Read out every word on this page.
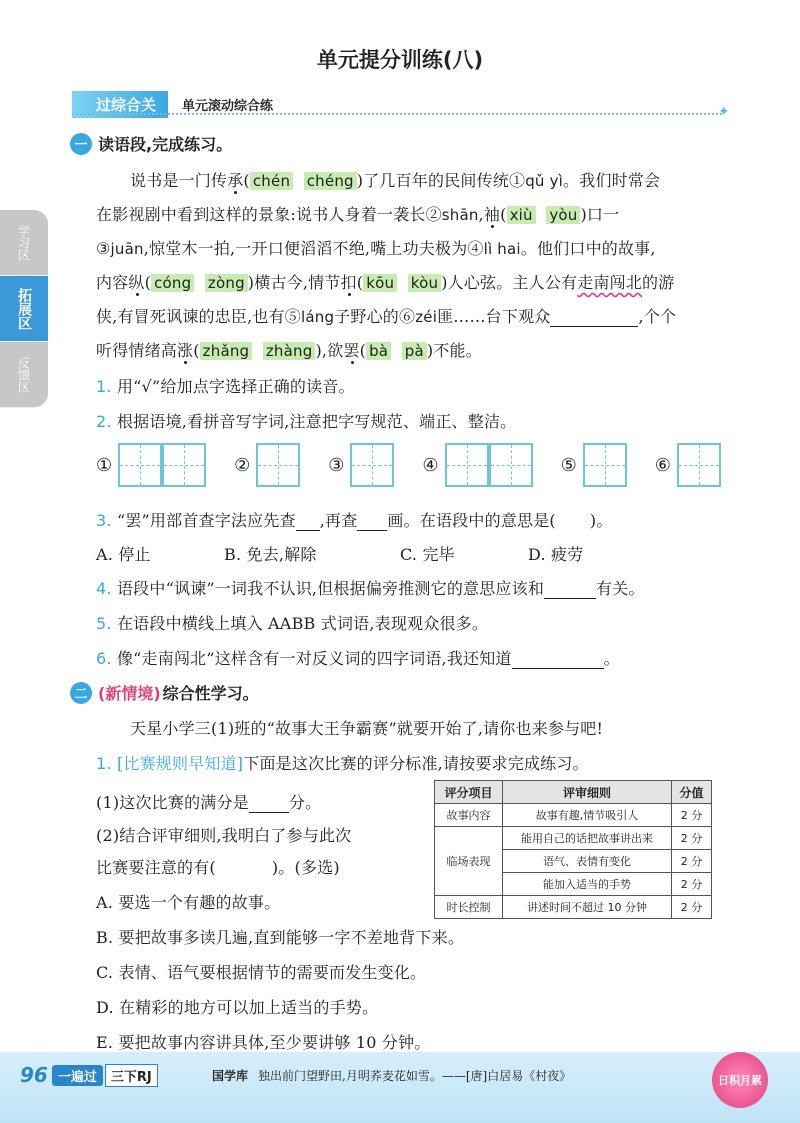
单元提分训练(八)
过综合关	单元滚动综合练	✦
学习区
拓展区
反馈区
一 读语段,完成练习。
说书是一门传承( chén chéng )了几百年的民间传统①qǔ yì。我们时常会
在影视剧中看到这样的景象:说书人身着一袭长②shān,袖( xiù yòu )口一
③juān,惊堂木一拍,一开口便滔滔不绝,嘴上功夫极为④lì hai。他们口中的故事,
内容纵( cóng zòng )横古今,情节扣( kōu kòu )人心弦。主人公有走南闯北的游
侠,有冒死讽谏的忠臣,也有⑤láng子野心的⑥zéi匪……台下观众	,个个
听得情绪高涨( zhǎng zhàng ),欲罢( bà pà )不能。
1. 用“√”给加点字选择正确的读音。
2. 根据语境,看拼音写字词,注意把字写规范、端正、整洁。
①	②	③	④	⑤	⑥
3. “罢”用部首查字法应先查 ,再查 画。在语段中的意思是( )。
A. 停止	B. 免去,解除	C. 完毕	D. 疲劳
4. 语段中“讽谏”一词我不认识,但根据偏旁推测它的意思应该和	有关。
5. 在语段中横线上填入 AABB 式词语,表现观众很多。
6. 像“走南闯北”这样含有一对反义词的四字词语,我还知道	。
二 (新情境) 综合性学习。
天星小学三(1)班的“故事大王争霸赛”就要开始了,请你也来参与吧!
1. [比赛规则早知道]下面是这次比赛的评分标准,请按要求完成练习。
(1)这次比赛的满分是	分。
(2)结合评审细则,我明白了参与此次
比赛要注意的有(	)。(多选)
A. 要选一个有趣的故事。
B. 要把故事多读几遍,直到能够一字不差地背下来。
C. 表情、语气要根据情节的需要而发生变化。
D. 在精彩的地方可以加上适当的手势。
E. 要把故事内容讲具体,至少要讲够 10 分钟。
评分项目	评审细则	分值
故事内容	故事有趣,情节吸引人	2 分
临场表现	能用自己的话把故事讲出来	2 分
	语气、表情有变化	2 分
	能加入适当的手势	2 分
时长控制	讲述时间不超过 10 分钟	2 分
96 一遍过	三下RJ	国学库 独出前门望野田,月明荞麦花如雪。——[唐]白居易《村夜》	日积月累
